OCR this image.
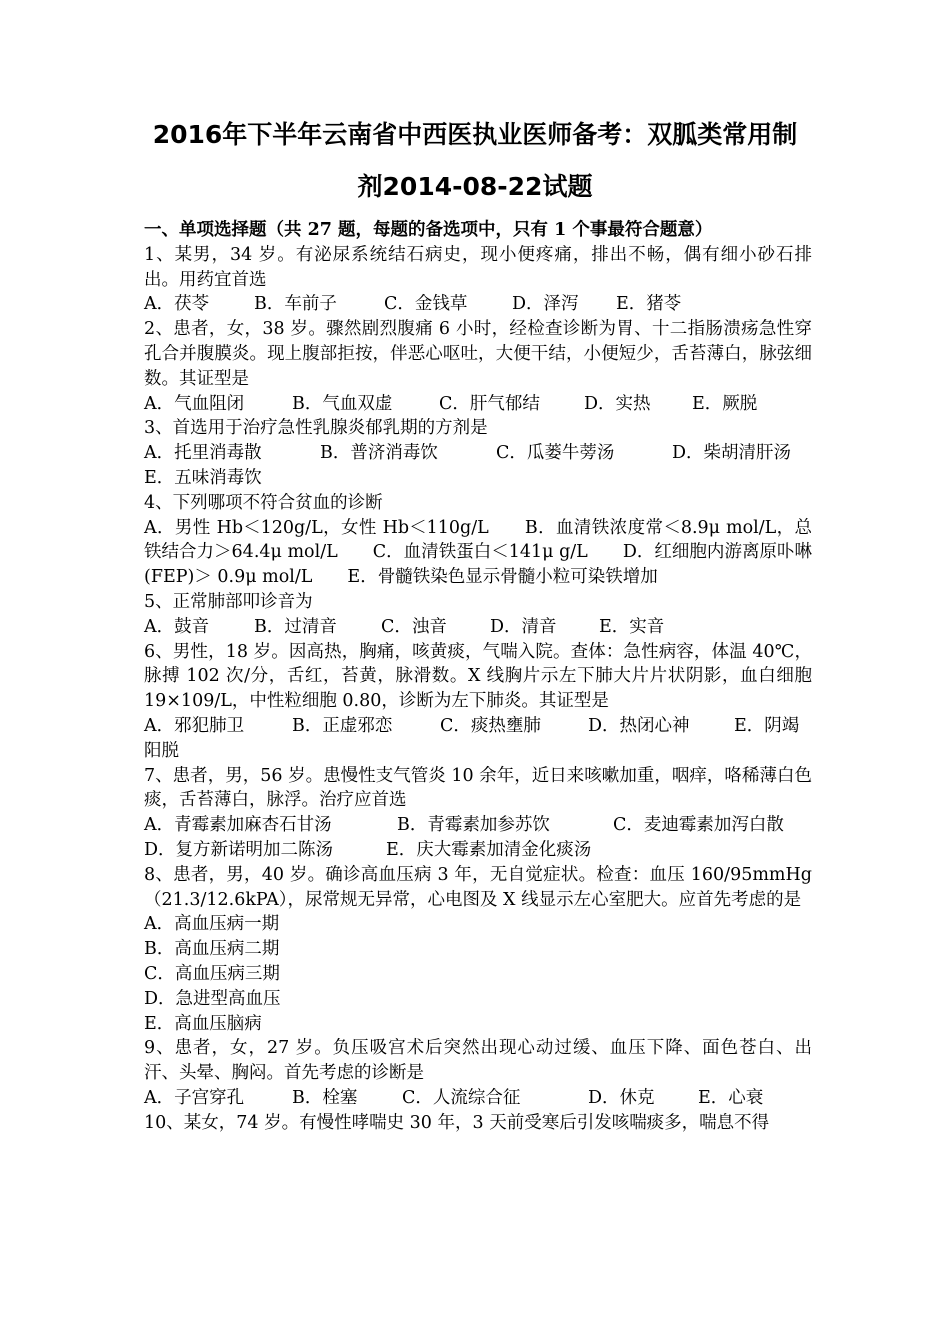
2016年下半年云南省中西医执业医师备考：双胍类常用制
剂2014-08-22试题

一、单项选择题（共 27 题，每题的备选项中，只有 1 个事最符合题意）

1、某男，34 岁。有泌尿系统结石病史，现小便疼痛，排出不畅，偶有细小砂石排出。用药宜首选

A．茯苓	B．车前子	C．金钱草	D．泽泻 E．猪苓

2、患者，女，38 岁。骤然剧烈腹痛 6 小时，经检查诊断为胃、十二指肠溃疡急性穿孔合并腹膜炎。现上腹部拒按，伴恶心呕吐，大便干结，小便短少，舌苔薄白，脉弦细数。其证型是

A．气血阻闭	B．气血双虚	C．肝气郁结	D．实热 E．厥脱

3、首选用于治疗急性乳腺炎郁乳期的方剂是

A．托里消毒散	B．普济消毒饮	C．瓜蒌牛蒡汤	D．柴胡清肝汤

E．五味消毒饮

4、下列哪项不符合贫血的诊断

A．男性 Hb＜120g/L，女性 Hb＜110g/L　　B．血清铁浓度常＜8.9μ mol/L，总铁结合力＞64.4μ mol/L　　C．血清铁蛋白＜141μ g/L　　D．红细胞内游离原卟啉(FEP)＞ 0.9μ mol/L　　E．骨髓铁染色显示骨髓小粒可染铁增加

5、正常肺部叩诊音为

A．鼓音	B．过清音	C．浊音 D．清音 E．实音

6、男性，18 岁。因高热，胸痛，咳黄痰，气喘入院。查体：急性病容，体温 40℃，脉搏 102 次/分，舌红，苔黄，脉滑数。X 线胸片示左下肺大片片状阴影，血白细胞 19×109/L，中性粒细胞 0.80，诊断为左下肺炎。其证型是

A．邪犯肺卫	B．正虚邪恋	C．痰热壅肺	D．热闭心神	E．阴竭

阳脱

7、患者，男，56 岁。患慢性支气管炎 10 余年，近日来咳嗽加重，咽痒，咯稀薄白色痰，舌苔薄白，脉浮。治疗应首选

A．青霉素加麻杏石甘汤	B．青霉素加参苏饮	C．麦迪霉素加泻白散

D．复方新诺明加二陈汤	E．庆大霉素加清金化痰汤

8、患者，男，40 岁。确诊高血压病 3 年，无自觉症状。检查：血压 160/95mmHg（21.3/12.6kPA），尿常规无异常，心电图及 X 线显示左心室肥大。应首先考虑的是

A．高血压病一期

B．高血压病二期

C．高血压病三期

D．急进型高血压

E．高血压脑病

9、患者，女，27 岁。负压吸宫术后突然出现心动过缓、血压下降、面色苍白、出汗、头晕、胸闷。首先考虑的诊断是

A．子宫穿孔	B．栓塞	C．人流综合征	D．休克 E．心衰

10、某女，74 岁。有慢性哮喘史 30 年，3 天前受寒后引发咳喘痰多，喘息不得
